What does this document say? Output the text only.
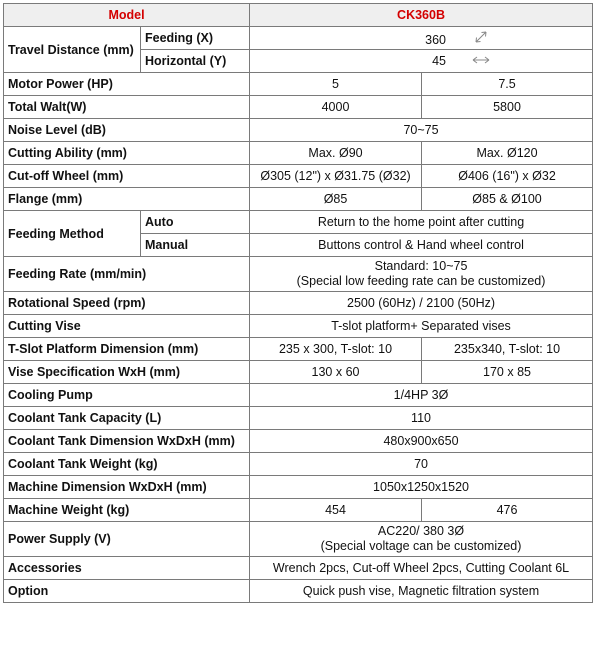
Model		CK360B	
Travel Distance (mm)	Feeding (X)	360	
	Horizontal (Y)	45	
Motor Power (HP)		5	7.5
Total Walt(W)		4000	5800
Noise Level (dB)		70~75	
Cutting Ability (mm)		Max. Ø90	Max. Ø120
Cut-off Wheel (mm)		Ø305 (12") x Ø31.75 (Ø32)	Ø406 (16") x Ø32
Flange (mm)		Ø85	Ø85 & Ø100
Feeding Method	Auto	Return to the home point after cutting	
	Manual	Buttons control & Hand wheel control	
Feeding Rate (mm/min)		Standard: 10~75
(Special low feeding rate can be customized)	

Rotational Speed (rpm)		2500 (60Hz) / 2100 (50Hz)	
Cutting Vise		T-slot platform+ Separated vises	
T-Slot Platform Dimension (mm)		235 x 300, T-slot: 10	235x340, T-slot: 10
Vise Specification WxH (mm)		130 x 60	170 x 85
Cooling Pump		1/4HP 3Ø	
Coolant Tank Capacity (L)		110	
Coolant Tank Dimension WxDxH (mm)		480x900x650	
Coolant Tank Weight (kg)		70	
Machine Dimension WxDxH (mm)		1050x1250x1520	
Machine Weight (kg)		454	476
Power Supply (V)		AC220/ 380 3Ø
(Special voltage can be customized)	

Accessories		Wrench 2pcs, Cut-off Wheel 2pcs, Cutting Coolant 6L	
Option		Quick push vise, Magnetic filtration system	
